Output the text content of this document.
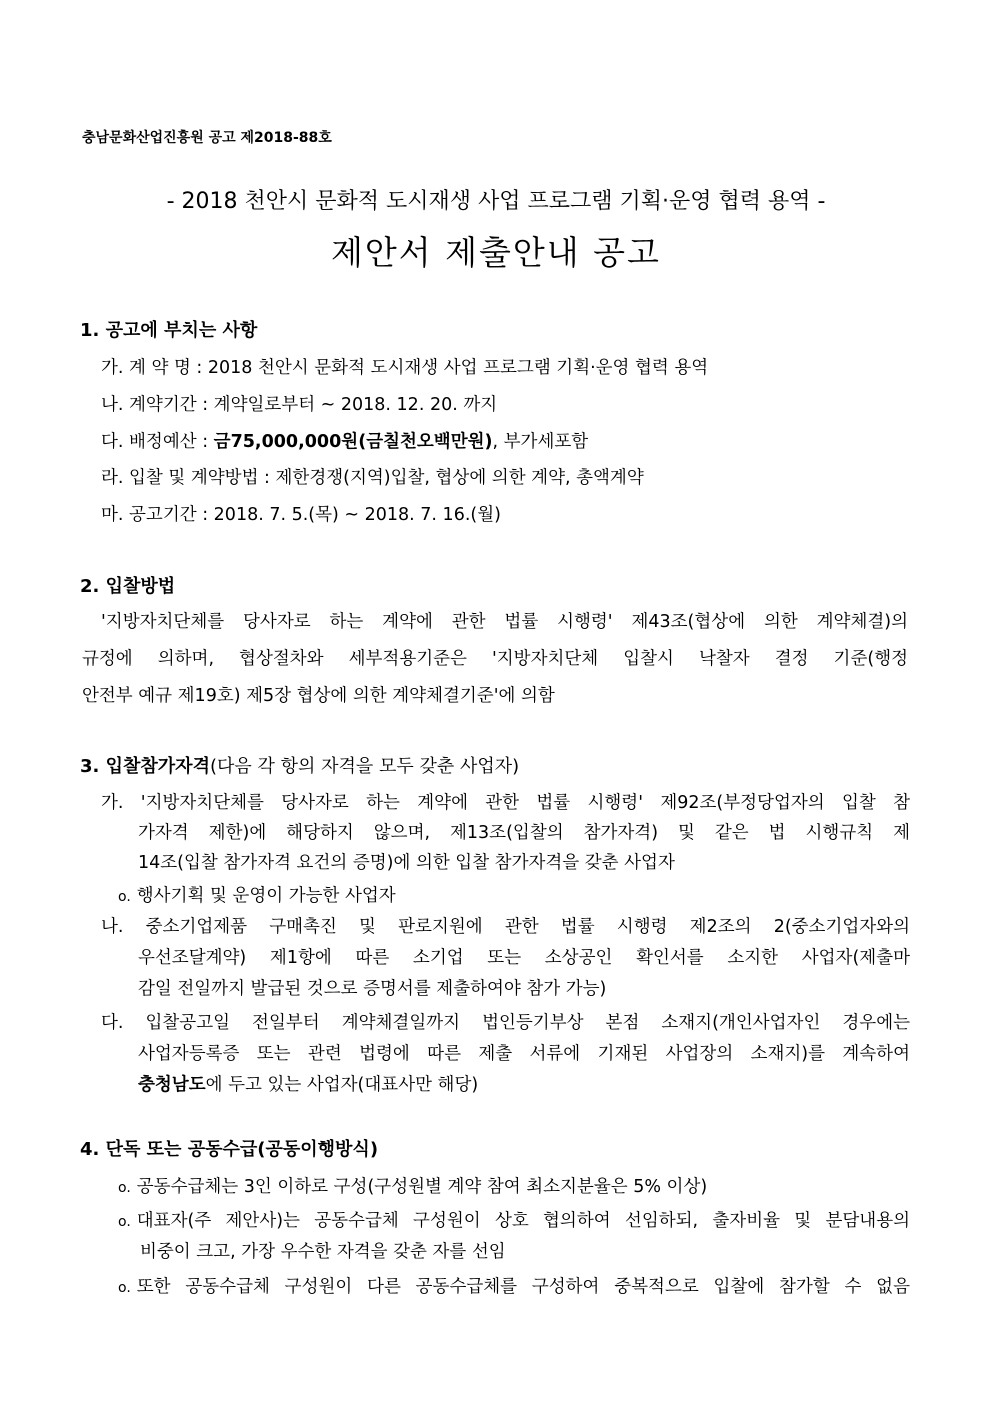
충남문화산업진흥원 공고 제2018-88호
- 2018 천안시 문화적 도시재생 사업 프로그램 기획·운영 협력 용역 -
제안서 제출안내 공고
1. 공고에 부치는 사항
가. 계 약 명 : 2018 천안시 문화적 도시재생 사업 프로그램 기획·운영 협력 용역
나. 계약기간 : 계약일로부터 ~ 2018. 12. 20. 까지
다. 배정예산 : 금75,000,000원(금칠천오백만원), 부가세포함
라. 입찰 및 계약방법 : 제한경쟁(지역)입찰, 협상에 의한 계약, 총액계약
마. 공고기간 : 2018. 7. 5.(목) ~ 2018. 7. 16.(월)
2. 입찰방법
'지방자치단체를 당사자로 하는 계약에 관한 법률 시행령' 제43조(협상에 의한 계약체결)의
규정에 의하며, 협상절차와 세부적용기준은 '지방자치단체 입찰시 낙찰자 결정 기준(행정
안전부 예규 제19호) 제5장 협상에 의한 계약체결기준'에 의함
3. 입찰참가자격(다음 각 항의 자격을 모두 갖춘 사업자)
가. '지방자치단체를 당사자로 하는 계약에 관한 법률 시행령' 제92조(부정당업자의 입찰 참
가자격 제한)에 해당하지 않으며, 제13조(입찰의 참가자격) 및 같은 법 시행규칙 제
14조(입찰 참가자격 요건의 증명)에 의한 입찰 참가자격을 갖춘 사업자
o. 행사기획 및 운영이 가능한 사업자
나. 중소기업제품 구매촉진 및 판로지원에 관한 법률 시행령 제2조의 2(중소기업자와의
우선조달계약) 제1항에 따른 소기업 또는 소상공인 확인서를 소지한 사업자(제출마
감일 전일까지 발급된 것으로 증명서를 제출하여야 참가 가능)
다. 입찰공고일 전일부터 계약체결일까지 법인등기부상 본점 소재지(개인사업자인 경우에는
사업자등록증 또는 관련 법령에 따른 제출 서류에 기재된 사업장의 소재지)를 계속하여
충청남도에 두고 있는 사업자(대표사만 해당)
4. 단독 또는 공동수급(공동이행방식)
o. 공동수급체는 3인 이하로 구성(구성원별 계약 참여 최소지분율은 5% 이상)
o. 대표자(주 제안사)는 공동수급체 구성원이 상호 협의하여 선임하되, 출자비율 및 분담내용의
비중이 크고, 가장 우수한 자격을 갖춘 자를 선임
o. 또한 공동수급체 구성원이 다른 공동수급체를 구성하여 중복적으로 입찰에 참가할 수 없음
